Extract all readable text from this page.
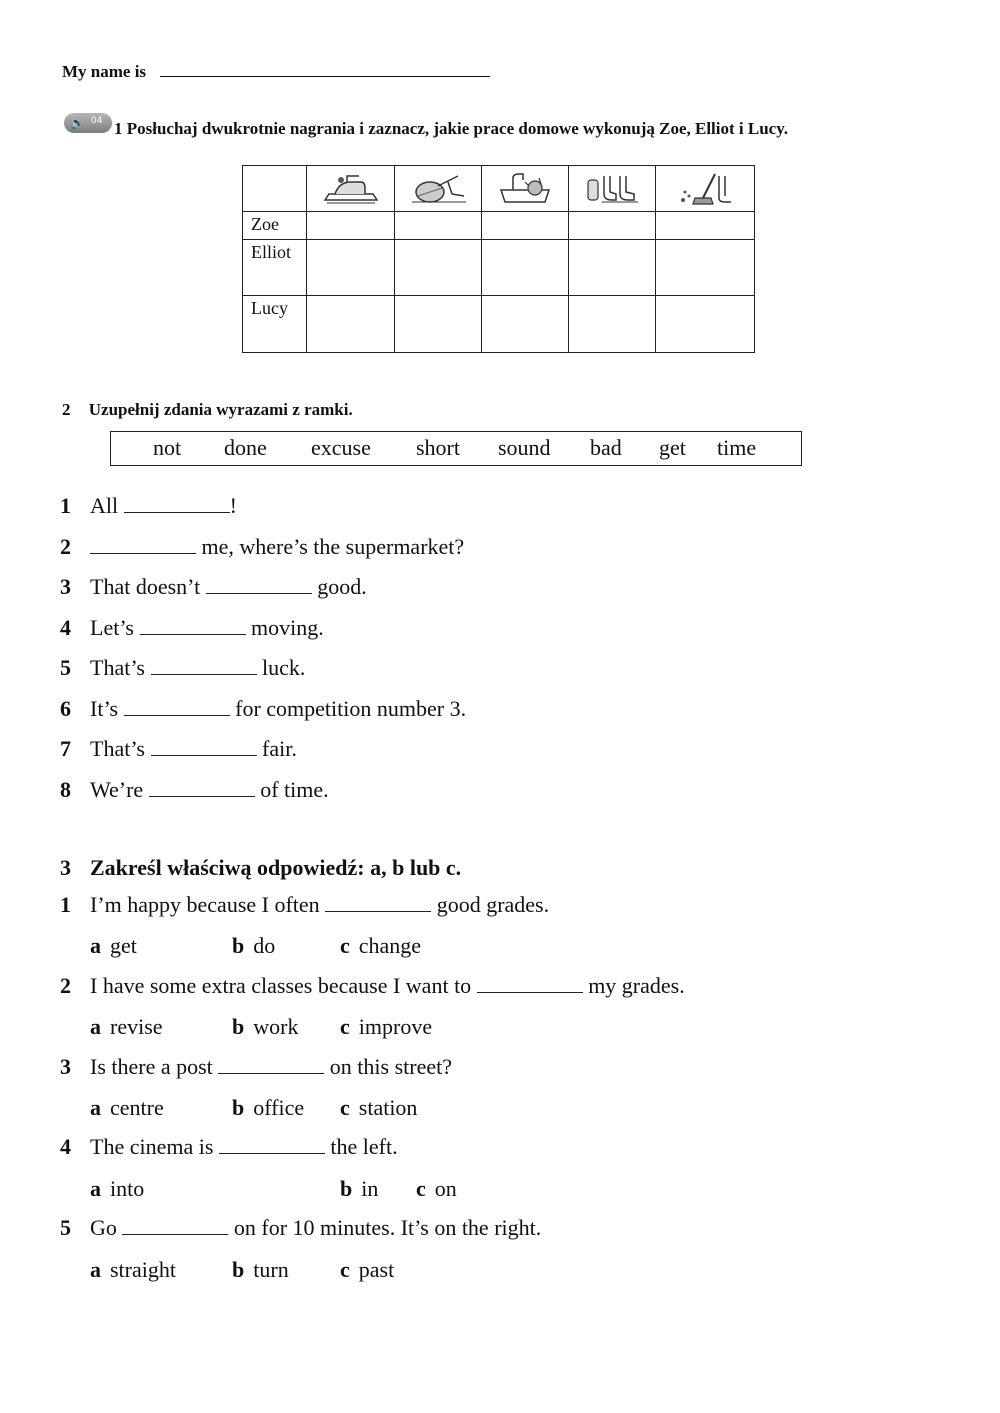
My name is
🔈 04 1 Posłuchaj dwukrotnie nagrania i zaznacz, jakie prace domowe wykonują Zoe, Elliot i Lucy.

Zoe					
Elliot					
Lucy					
2 Uzupełnij zdania wyrazami z ramki.
not done excuse short sound bad get time
1 All	!
2	me, where’s the supermarket?
3 That doesn’t	good.
4 Let’s	moving.
5 That’s	luck.
6 It’s	for competition number 3.
7 That’s	fair.
8 We’re	of time.
3 Zakreśl właściwą odpowiedź: a, b lub c.
1 I’m happy because I often	good grades.
a get	b do	c change
2 I have some extra classes because I want to	my grades.
a revise	b work c improve
3 Is there a post	on this street?
a centre	b office c station
4 The cinema is	the left.
a into	b in c on
5 Go	on for 10 minutes. It’s on the right.
a straight	b turn c past
